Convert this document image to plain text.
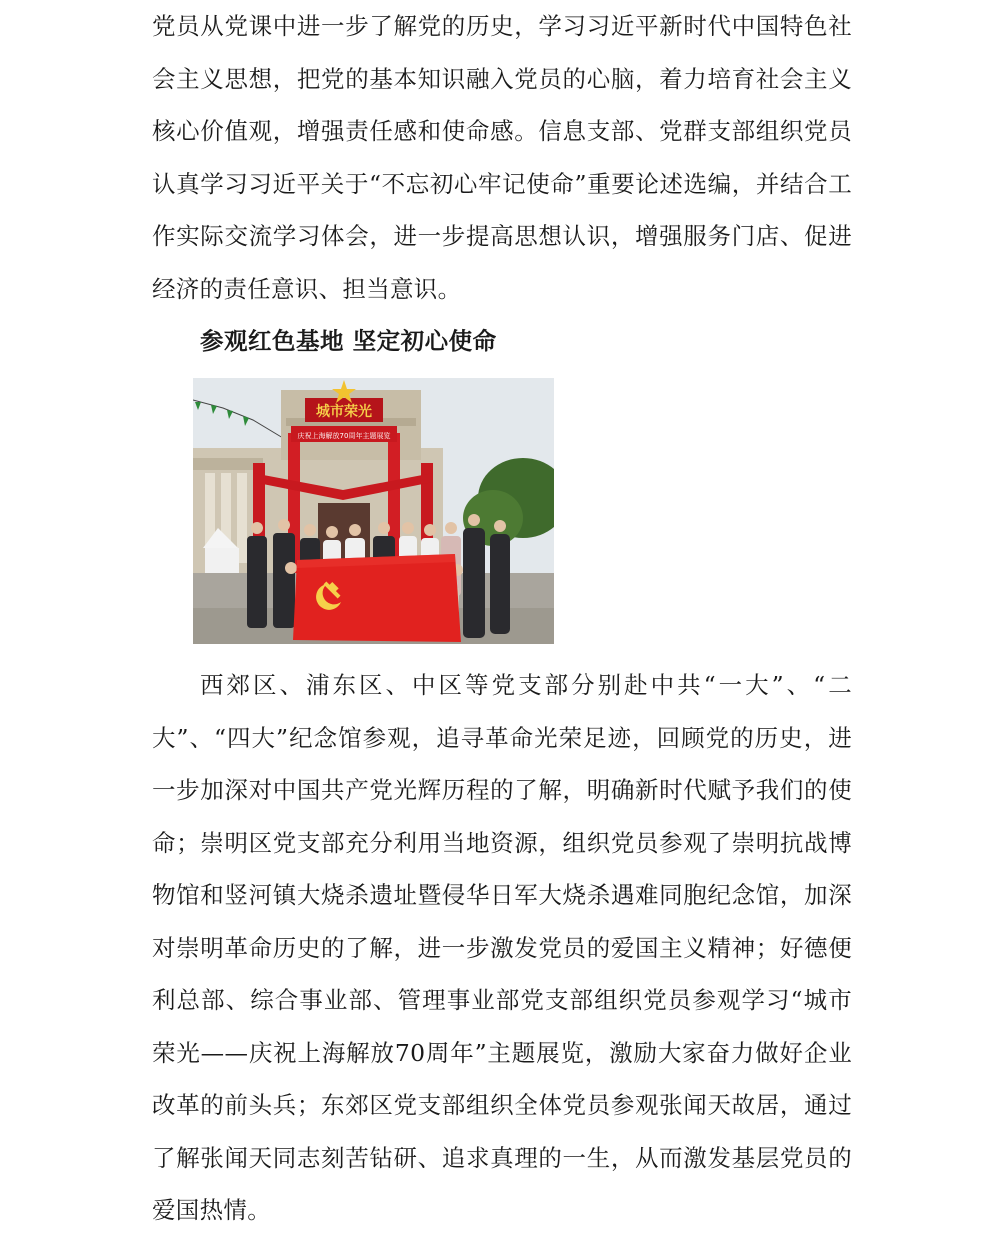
党员从党课中进一步了解党的历史，学习习近平新时代中国特色社会主义思想，把党的基本知识融入党员的心脑，着力培育社会主义核心价值观，增强责任感和使命感。信息支部、党群支部组织党员认真学习习近平关于“不忘初心牢记使命”重要论述选编，并结合工作实际交流学习体会，进一步提高思想认识，增强服务门店、促进经济的责任意识、担当意识。

参观红色基地 坚定初心使命

西郊区、浦东区、中区等党支部分别赴中共“一大”、“二大”、“四大”纪念馆参观，追寻革命光荣足迹，回顾党的历史，进一步加深对中国共产党光辉历程的了解，明确新时代赋予我们的使命；崇明区党支部充分利用当地资源，组织党员参观了崇明抗战博物馆和竖河镇大烧杀遗址暨侵华日军大烧杀遇难同胞纪念馆，加深对崇明革命历史的了解，进一步激发党员的爱国主义精神；好德便利总部、综合事业部、管理事业部党支部组织党员参观学习“城市荣光——庆祝上海解放70周年”主题展览，激励大家奋力做好企业改革的前头兵；东郊区党支部组织全体党员参观张闻天故居，通过了解张闻天同志刻苦钻研、追求真理的一生，从而激发基层党员的爱国热情。

城市荣光
庆祝上海解放70周年主题展览
